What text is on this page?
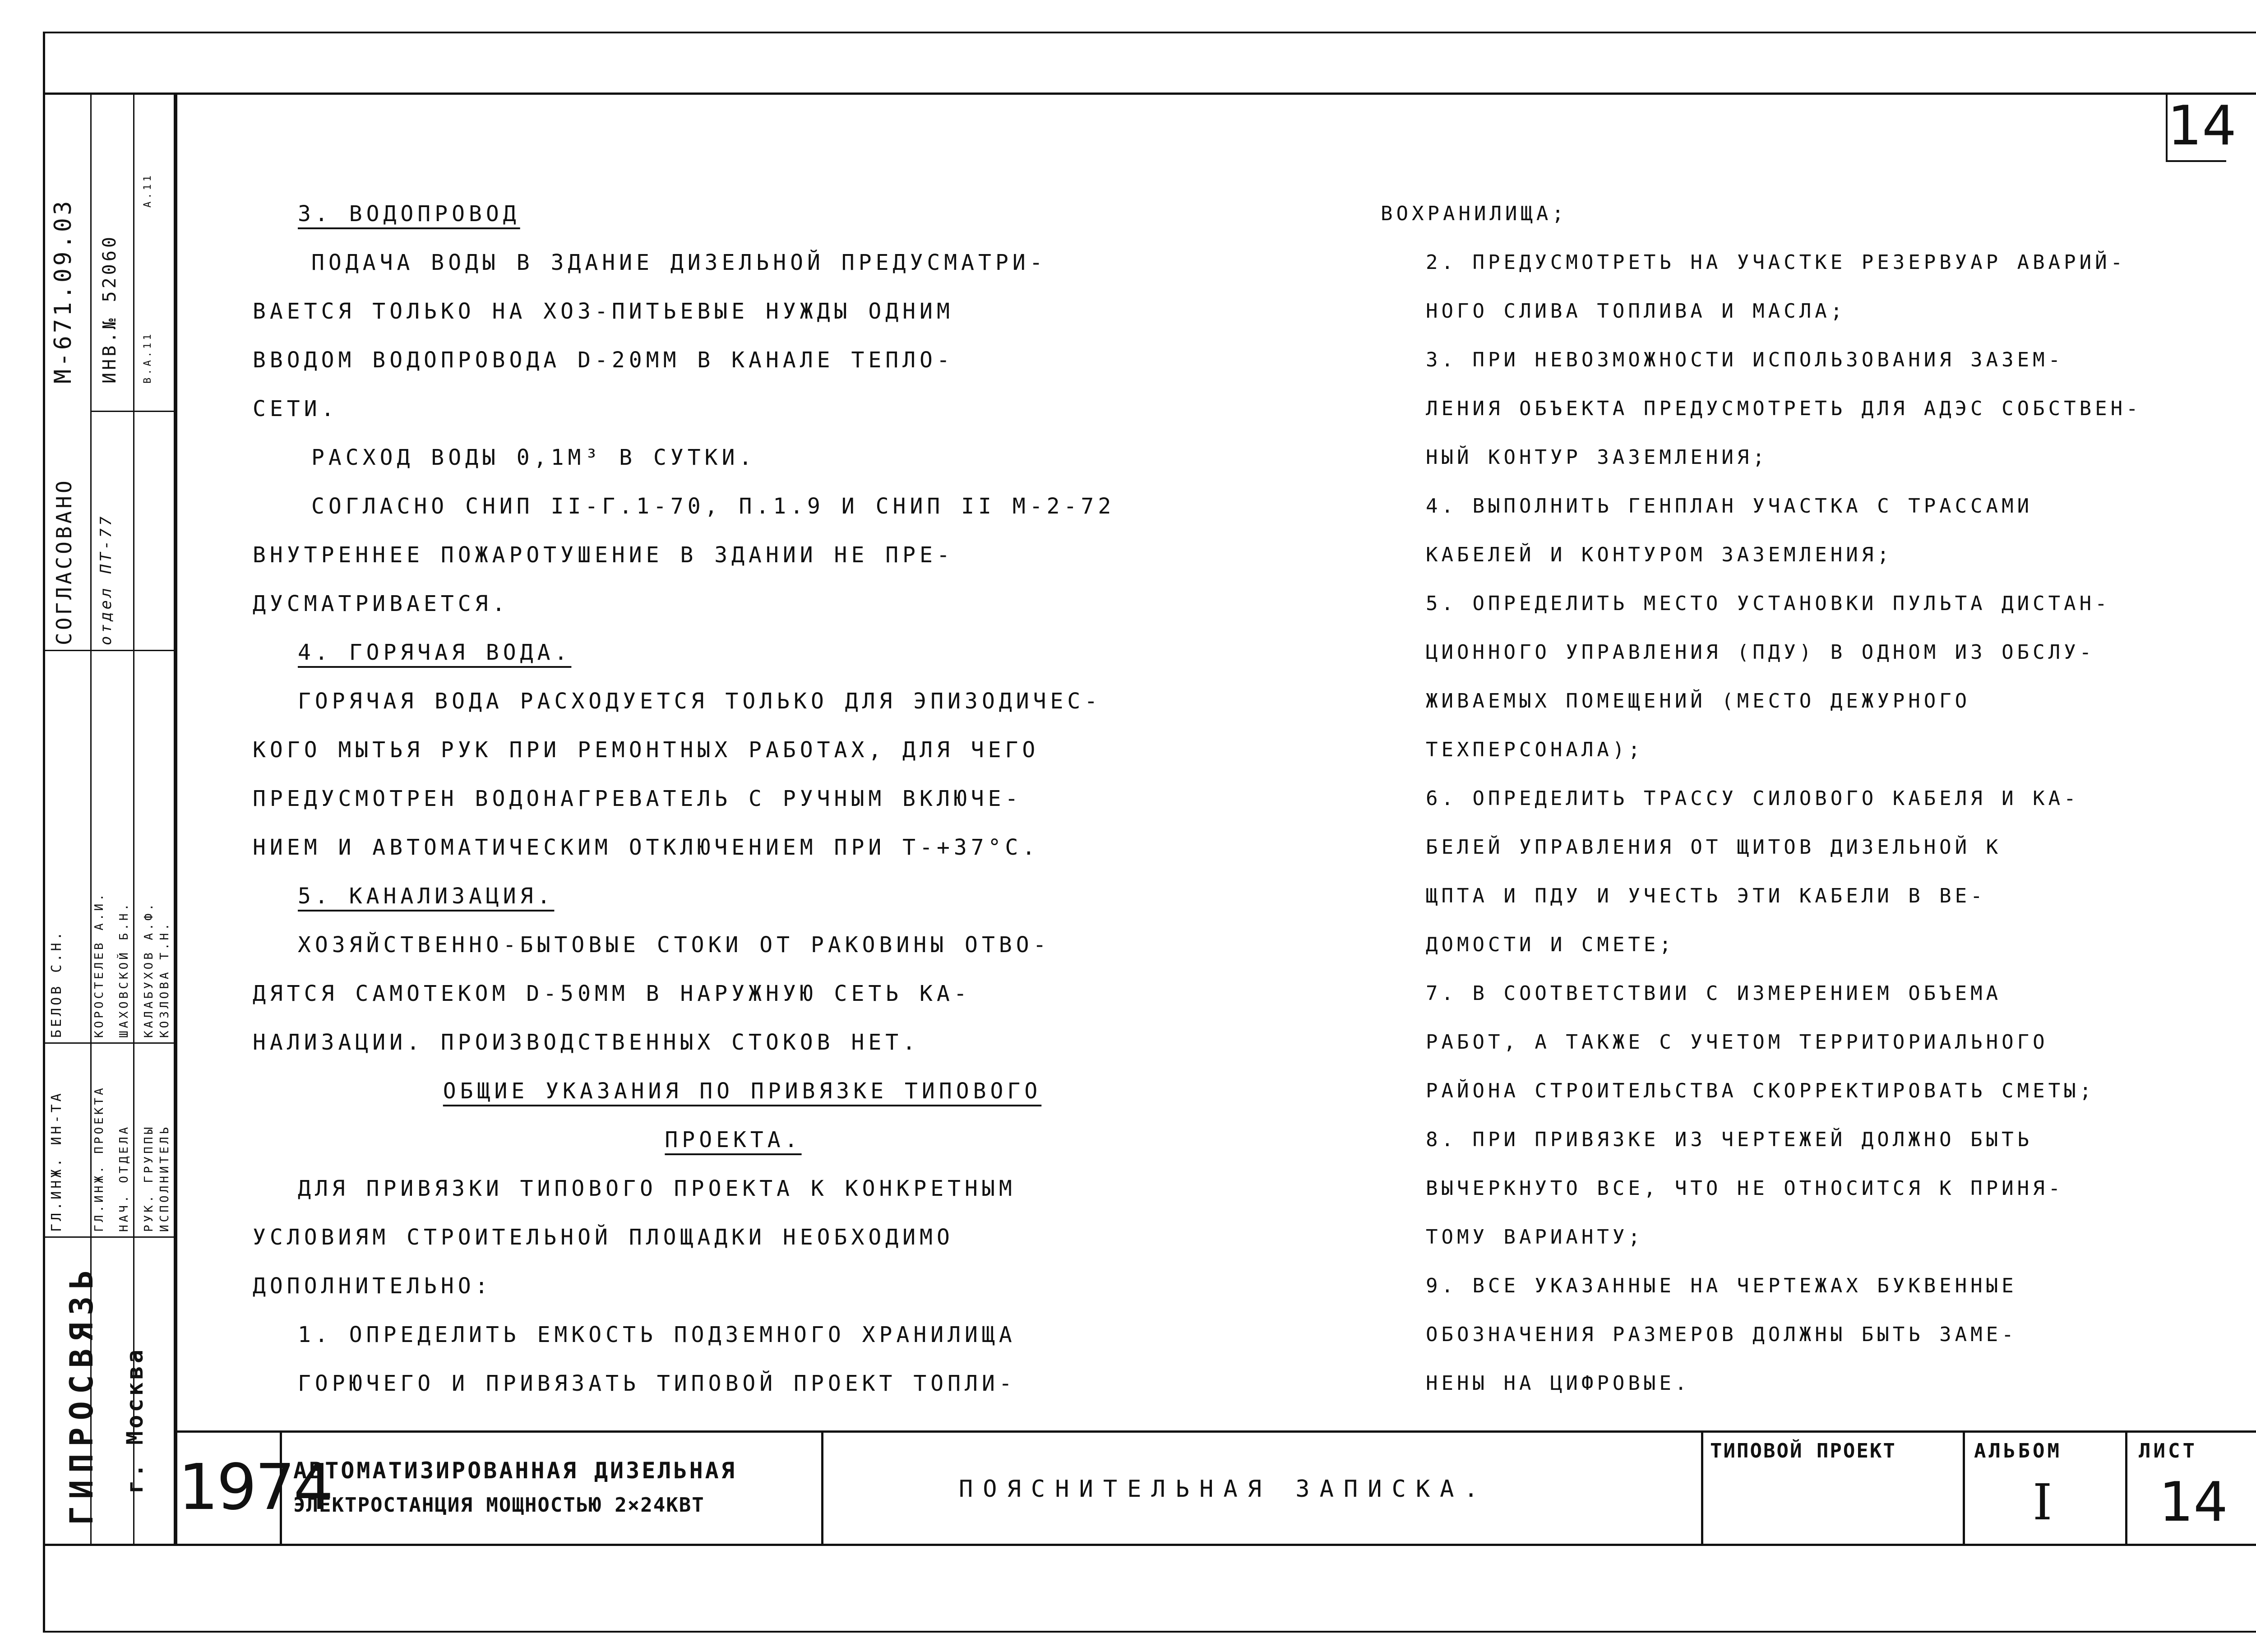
М-671.09.03 ИНВ.№ 52060
A.11
B.A.11
СОГЛАСОВАНО отдел ПТ-77
БЕЛОВ С.Н. КОРОСТЕЛЕВ А.И. ШАХОВСКОЙ Б.Н. КАЛАБУХОВ А.Ф. КОЗЛОВА Т.Н.
ГЛ.ИНЖ. ИН-ТА ГЛ.ИНЖ. ПРОЕКТА НАЧ. ОТДЕЛА РУК. ГРУППЫ ИСПОЛНИТЕЛЬ
ГИПРОСВЯЗЬ г. Москва
14

3. ВОДОПРОВОД

ПОДАЧА ВОДЫ В ЗДАНИЕ ДИЗЕЛЬНОЙ ПРЕДУСМАТРИ-

ВАЕТСЯ ТОЛЬКО НА ХОЗ-ПИТЬЕВЫЕ НУЖДЫ ОДНИМ

ВВОДОМ ВОДОПРОВОДА D-20ММ В КАНАЛЕ ТЕПЛО-

СЕТИ.

РАСХОД ВОДЫ 0,1М³ В СУТКИ.

СОГЛАСНО СНИП II-Г.1-70, П.1.9 И СНИП II М-2-72

ВНУТРЕННЕЕ ПОЖАРОТУШЕНИЕ В ЗДАНИИ НЕ ПРЕ-

ДУСМАТРИВАЕТСЯ.

4. ГОРЯЧАЯ ВОДА.

ГОРЯЧАЯ ВОДА РАСХОДУЕТСЯ ТОЛЬКО ДЛЯ ЭПИЗОДИЧЕС-

КОГО МЫТЬЯ РУК ПРИ РЕМОНТНЫХ РАБОТАХ, ДЛЯ ЧЕГО

ПРЕДУСМОТРЕН ВОДОНАГРЕВАТЕЛЬ С РУЧНЫМ ВКЛЮЧЕ-

НИЕМ И АВТОМАТИЧЕСКИМ ОТКЛЮЧЕНИЕМ ПРИ T-+37°С.

5. КАНАЛИЗАЦИЯ.

ХОЗЯЙСТВЕННО-БЫТОВЫЕ СТОКИ ОТ РАКОВИНЫ ОТВО-

ДЯТСЯ САМОТЕКОМ D-50ММ В НАРУЖНУЮ СЕТЬ КА-

НАЛИЗАЦИИ. ПРОИЗВОДСТВЕННЫХ СТОКОВ НЕТ.

ОБЩИЕ УКАЗАНИЯ ПО ПРИВЯЗКЕ ТИПОВОГО

ПРОЕКТА.

ДЛЯ ПРИВЯЗКИ ТИПОВОГО ПРОЕКТА К КОНКРЕТНЫМ

УСЛОВИЯМ СТРОИТЕЛЬНОЙ ПЛОЩАДКИ НЕОБХОДИМО

ДОПОЛНИТЕЛЬНО:

1. ОПРЕДЕЛИТЬ ЕМКОСТЬ ПОДЗЕМНОГО ХРАНИЛИЩА

ГОРЮЧЕГО И ПРИВЯЗАТЬ ТИПОВОЙ ПРОЕКТ ТОПЛИ-

ВОХРАНИЛИЩА;

2. ПРЕДУСМОТРЕТЬ НА УЧАСТКЕ РЕЗЕРВУАР АВАРИЙ-

НОГО СЛИВА ТОПЛИВА И МАСЛА;

3. ПРИ НЕВОЗМОЖНОСТИ ИСПОЛЬЗОВАНИЯ ЗАЗЕМ-

ЛЕНИЯ ОБЪЕКТА ПРЕДУСМОТРЕТЬ ДЛЯ АДЭС СОБСТВЕН-

НЫЙ КОНТУР ЗАЗЕМЛЕНИЯ;

4. ВЫПОЛНИТЬ ГЕНПЛАН УЧАСТКА С ТРАССАМИ

КАБЕЛЕЙ И КОНТУРОМ ЗАЗЕМЛЕНИЯ;

5. ОПРЕДЕЛИТЬ МЕСТО УСТАНОВКИ ПУЛЬТА ДИСТАН-

ЦИОННОГО УПРАВЛЕНИЯ (ПДУ) В ОДНОМ ИЗ ОБСЛУ-

ЖИВАЕМЫХ ПОМЕЩЕНИЙ (МЕСТО ДЕЖУРНОГО

ТЕХПЕРСОНАЛА);

6. ОПРЕДЕЛИТЬ ТРАССУ СИЛОВОГО КАБЕЛЯ И КА-

БЕЛЕЙ УПРАВЛЕНИЯ ОТ ЩИТОВ ДИЗЕЛЬНОЙ К

ЩПТА И ПДУ И УЧЕСТЬ ЭТИ КАБЕЛИ В ВЕ-

ДОМОСТИ И СМЕТЕ;

7. В СООТВЕТСТВИИ С ИЗМЕРЕНИЕМ ОБЪЕМА

РАБОТ, А ТАКЖЕ С УЧЕТОМ ТЕРРИТОРИАЛЬНОГО

РАЙОНА СТРОИТЕЛЬСТВА СКОРРЕКТИРОВАТЬ СМЕТЫ;

8. ПРИ ПРИВЯЗКЕ ИЗ ЧЕРТЕЖЕЙ ДОЛЖНО БЫТЬ

ВЫЧЕРКНУТО ВСЕ, ЧТО НЕ ОТНОСИТСЯ К ПРИНЯ-

ТОМУ ВАРИАНТУ;

9. ВСЕ УКАЗАННЫЕ НА ЧЕРТЕЖАХ БУКВЕННЫЕ

ОБОЗНАЧЕНИЯ РАЗМЕРОВ ДОЛЖНЫ БЫТЬ ЗАМЕ-

НЕНЫ НА ЦИФРОВЫЕ.

1974
АВТОМАТИЗИРОВАННАЯ ДИЗЕЛЬНАЯ
ЭЛЕКТРОСТАНЦИЯ МОЩНОСТЬЮ 2×24КВТ
ПОЯСНИТЕЛЬНАЯ ЗАПИСКА.
ТИПОВОЙ ПРОЕКТ	АЛЬБОМ
I
ЛИСТ
14
